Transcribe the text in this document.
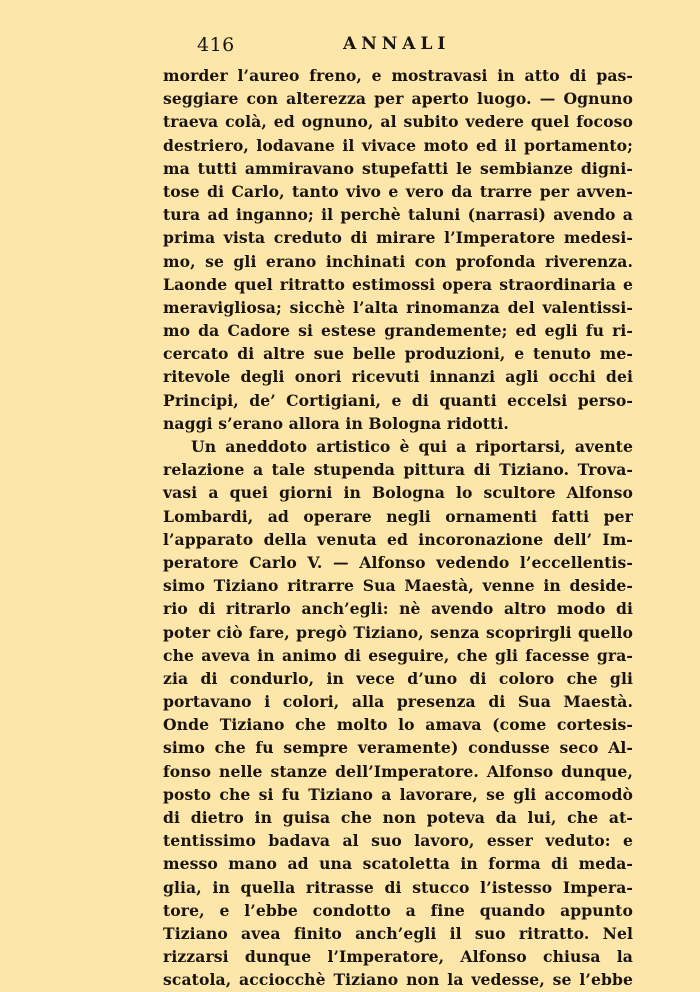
416	ANNALI
morder l’aureo freno, e mostravasi in atto di pas-
seggiare con alterezza per aperto luogo. — Ognuno
traeva colà, ed ognuno, al subito vedere quel focoso
destriero, lodavane il vivace moto ed il portamento;
ma tutti ammiravano stupefatti le sembianze digni-
tose di Carlo, tanto vivo e vero da trarre per avven-
tura ad inganno; il perchè taluni (narrasi) avendo a
prima vista creduto di mirare l’Imperatore medesi-
mo, se gli erano inchinati con profonda riverenza.
Laonde quel ritratto estimossi opera straordinaria e
meravigliosa; sicchè l’alta rinomanza del valentissi-
mo da Cadore si estese grandemente; ed egli fu ri-
cercato di altre sue belle produzioni, e tenuto me-
ritevole degli onori ricevuti innanzi agli occhi dei
Principi, de’ Cortigiani, e di quanti eccelsi perso-
naggi s’erano allora in Bologna ridotti.
Un aneddoto artistico è qui a riportarsi, avente
relazione a tale stupenda pittura di Tiziano. Trova-
vasi a quei giorni in Bologna lo scultore Alfonso
Lombardi, ad operare negli ornamenti fatti per
l’apparato della venuta ed incoronazione dell’ Im-
peratore Carlo V. — Alfonso vedendo l’eccellentis-
simo Tiziano ritrarre Sua Maestà, venne in deside-
rio di ritrarlo anch’egli: nè avendo altro modo di
poter ciò fare, pregò Tiziano, senza scoprirgli quello
che aveva in animo di eseguire, che gli facesse gra-
zia di condurlo, in vece d’uno di coloro che gli
portavano i colori, alla presenza di Sua Maestà.
Onde Tiziano che molto lo amava (come cortesis-
simo che fu sempre veramente) condusse seco Al-
fonso nelle stanze dell’Imperatore. Alfonso dunque,
posto che si fu Tiziano a lavorare, se gli accomodò
di dietro in guisa che non poteva da lui, che at-
tentissimo badava al suo lavoro, esser veduto: e
messo mano ad una scatoletta in forma di meda-
glia, in quella ritrasse di stucco l’istesso Impera-
tore, e l’ebbe condotto a fine quando appunto
Tiziano avea finito anch’egli il suo ritratto. Nel
rizzarsi dunque l’Imperatore, Alfonso chiusa la
scatola, acciocchè Tiziano non la vedesse, se l’ebbe
